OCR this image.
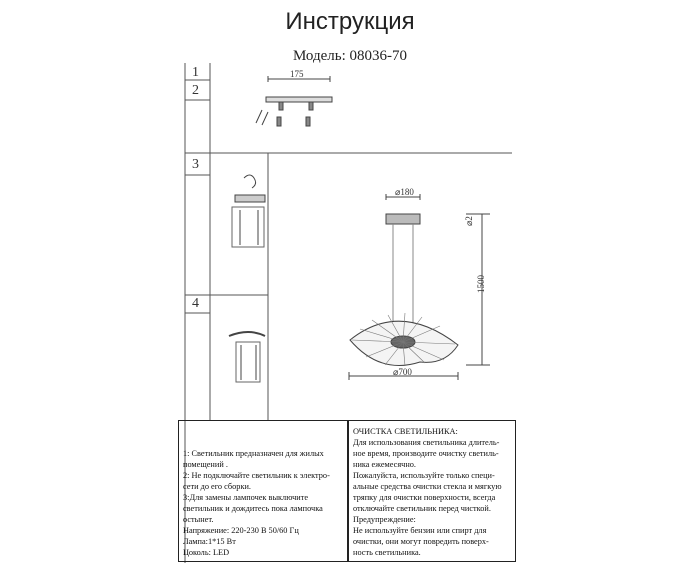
Инструкция
Модель: 08036-70
1
2
3
4
175
⌀180
⌀2
1500
⌀700
1: Светильник предназначен для жилых
помещений .
2: Не подключайте светильник к электро-
сети до его сборки.
3:Для замены лампочек выключите
светильник и дождитесь пока лампочка
остынет.
Напряжение: 220-230 В 50/60 Гц
Лампа:1*15 Вт
Цоколь: LED
ОЧИСТКА СВЕТИЛЬНИКА:
Для использования светильника длитель-
ное время, производите очистку светиль-
ника ежемесячно.
Пожалуйста, используйте только специ-
альные средства очистки стекла и мягкую
тряпку для очистки поверхности, всегда
отключайте светильник перед чисткой.
Предупреждение:
Не используйте бензин или спирт для
очистки, они могут повредить поверх-
ность светильника.
